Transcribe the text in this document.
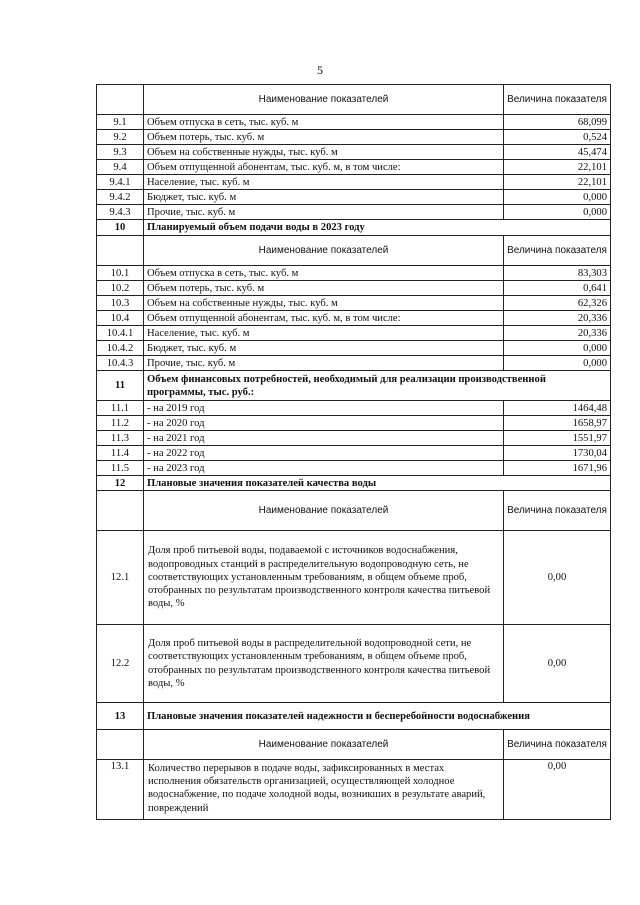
5
	Наименование показателей	Величина показателя
9.1	Объем отпуска в сеть, тыс. куб. м	68,099
9.2	Объем потерь, тыс. куб. м	0,524
9.3	Объем на собственные нужды, тыс. куб. м	45,474
9.4	Объем отпущенной абонентам, тыс. куб. м, в том числе:	22,101
9.4.1	Население, тыс. куб. м	22,101
9.4.2	Бюджет, тыс. куб. м	0,000
9.4.3	Прочие, тыс. куб. м	0,000
10	Планируемый объем подачи воды в 2023 году	
	Наименование показателей	Величина показателя
10.1	Объем отпуска в сеть, тыс. куб. м	83,303
10.2	Объем потерь, тыс. куб. м	0,641
10.3	Объем на собственные нужды, тыс. куб. м	62,326
10.4	Объем отпущенной абонентам, тыс. куб. м, в том числе:	20,336
10.4.1	Население, тыс. куб. м	20,336
10.4.2	Бюджет, тыс. куб. м	0,000
10.4.3	Прочие, тыс. куб. м	0,000
11	Объем финансовых потребностей, необходимый для реализации производственной программы, тыс. руб.:	
11.1	- на 2019 год	1464,48
11.2	- на 2020 год	1658,97
11.3	- на 2021 год	1551,97
11.4	- на 2022 год	1730,04
11.5	- на 2023 год	1671,96
12	Плановые значения показателей качества воды	
	Наименование показателей	Величина показателя
12.1	Доля проб питьевой воды, подаваемой с источников водоснабжения, водопроводных станций в распределительную водопроводную сеть, не соответствующих установленным требованиям, в общем объеме проб, отобранных по результатам производственного контроля качества питьевой воды, %	0,00
12.2	Доля проб питьевой воды в распределительной водопроводной сети, не соответствующих установленным требованиям, в общем объеме проб, отобранных по результатам производственного контроля качества питьевой воды, %	0,00
13	Плановые значения показателей надежности и бесперебойности водоснабжения	
	Наименование показателей	Величина показателя
13.1	Количество перерывов в подаче воды, зафиксированных в местах исполнения обязательств организацией, осуществляющей холодное водоснабжение, по подаче холодной воды, возникших в результате аварий, повреждений	0,00
